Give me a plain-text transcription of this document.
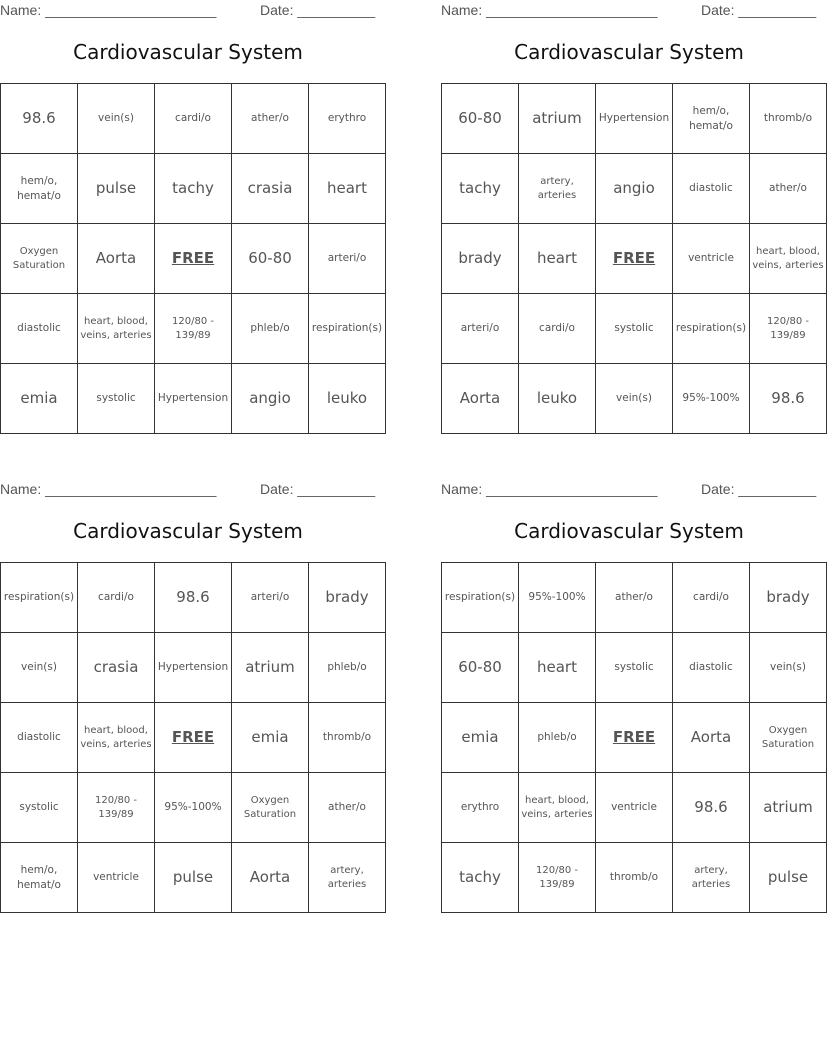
Name: ______________________	Date: __________
Cardiovascular System
98.6	vein(s)	cardi/o	ather/o	erythro
hem/o, hemat/o	pulse	tachy	crasia	heart
Oxygen Saturation	Aorta	FREE	60-80	arteri/o
diastolic	heart, blood, veins, arteries	120/80 - 139/89	phleb/o	respiration(s)
emia	systolic	Hypertension	angio	leuko
Name: ______________________	Date: __________
Cardiovascular System
60-80	atrium	Hypertension	hem/o, hemat/o	thromb/o
tachy	artery, arteries	angio	diastolic	ather/o
brady	heart	FREE	ventricle	heart, blood, veins, arteries
arteri/o	cardi/o	systolic	respiration(s)	120/80 - 139/89
Aorta	leuko	vein(s)	95%-100%	98.6
Name: ______________________	Date: __________
Cardiovascular System
respiration(s)	cardi/o	98.6	arteri/o	brady
vein(s)	crasia	Hypertension	atrium	phleb/o
diastolic	heart, blood, veins, arteries	FREE	emia	thromb/o
systolic	120/80 - 139/89	95%-100%	Oxygen Saturation	ather/o
hem/o, hemat/o	ventricle	pulse	Aorta	artery, arteries
Name: ______________________	Date: __________
Cardiovascular System
respiration(s)	95%-100%	ather/o	cardi/o	brady
60-80	heart	systolic	diastolic	vein(s)
emia	phleb/o	FREE	Aorta	Oxygen Saturation
erythro	heart, blood, veins, arteries	ventricle	98.6	atrium
tachy	120/80 - 139/89	thromb/o	artery, arteries	pulse
